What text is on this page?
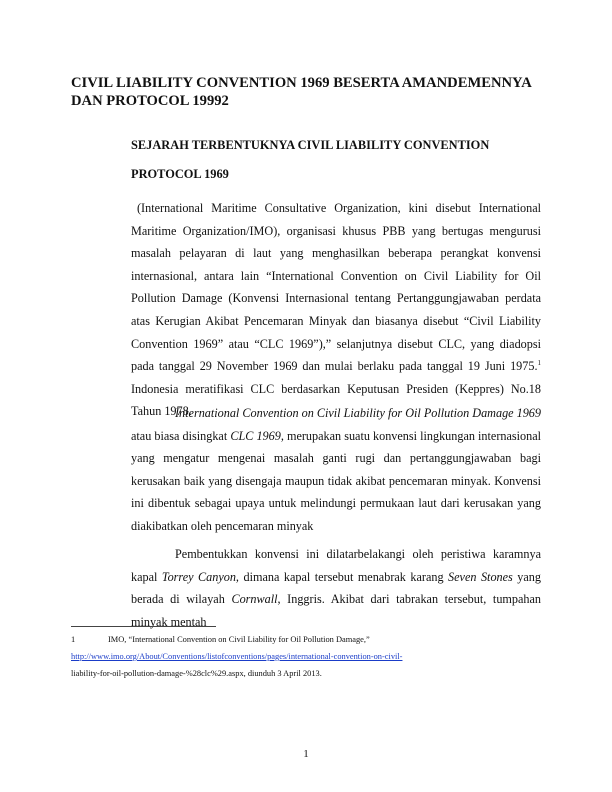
CIVIL LIABILITY CONVENTION 1969 BESERTA AMANDEMENNYA DAN PROTOCOL 19992
SEJARAH TERBENTUKNYA CIVIL LIABILITY CONVENTION
PROTOCOL 1969

(International Maritime Consultative Organization, kini disebut International Maritime Organization/IMO), organisasi khusus PBB yang bertugas mengurusi masalah pelayaran di laut yang menghasilkan beberapa perangkat konvensi internasional, antara lain “International Convention on Civil Liability for Oil Pollution Damage (Konvensi Internasional tentang Pertanggungjawaban perdata atas Kerugian Akibat Pencemaran Minyak dan biasanya disebut “Civil Liability Convention 1969” atau “CLC 1969”),” selanjutnya disebut CLC, yang diadopsi pada tanggal 29 November 1969 dan mulai berlaku pada tanggal 19 Juni 1975.$^1$ Indonesia meratifikasi CLC berdasarkan Keputusan Presiden (Keppres) No.18 Tahun 1978.

International Convention on Civil Liability for Oil Pollution Damage 1969 atau biasa disingkat CLC 1969, merupakan suatu konvensi lingkungan internasional yang mengatur mengenai masalah ganti rugi dan pertanggungjawaban bagi kerusakan baik yang disengaja maupun tidak akibat pencemaran minyak. Konvensi ini dibentuk sebagai upaya untuk melindungi permukaan laut dari kerusakan yang diakibatkan oleh pencemaran minyak

Pembentukkan konvensi ini dilatarbelakangi oleh peristiwa karamnya kapal Torrey Canyon, dimana kapal tersebut menabrak karang Seven Stones yang berada di wilayah Cornwall, Inggris. Akibat dari tabrakan tersebut, tumpahan minyak mentah

1	IMO, “International Convention on Civil Liability for Oil Pollution Damage,”

http://www.imo.org/About/Conventions/listofconventions/pages/international-convention-on-civil-

liability-for-oil-pollution-damage-%28clc%29.aspx, diunduh 3 April 2013.

1
